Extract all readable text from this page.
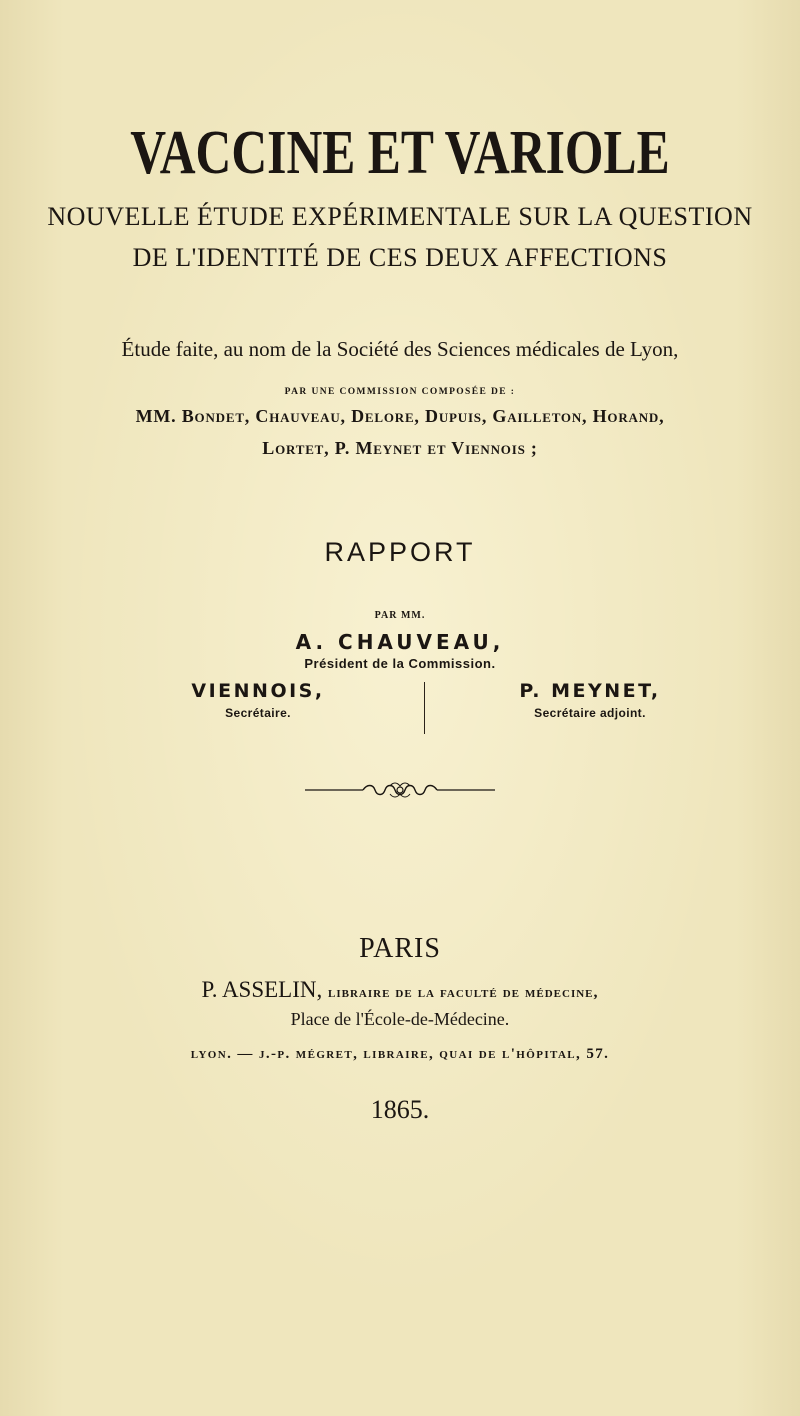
VACCINE ET VARIOLE
NOUVELLE ÉTUDE EXPÉRIMENTALE SUR LA QUESTION
DE L'IDENTITÉ DE CES DEUX AFFECTIONS
Étude faite, au nom de la Société des Sciences médicales de Lyon,
PAR UNE COMMISSION COMPOSÉE DE :
MM. Bondet, Chauveau, Delore, Dupuis, Gailleton, Horand,
Lortet, P. Meynet et Viennois ;
RAPPORT
PAR MM.
A. CHAUVEAU,
Président de la Commission.
VIENNOIS,
Secrétaire.
P. MEYNET,
Secrétaire adjoint.
PARIS
P. ASSELIN, libraire de la faculté de médecine,
Place de l'École-de-Médecine.
lyon. — j.-p. mégret, libraire, quai de l'hôpital, 57.
1865.
